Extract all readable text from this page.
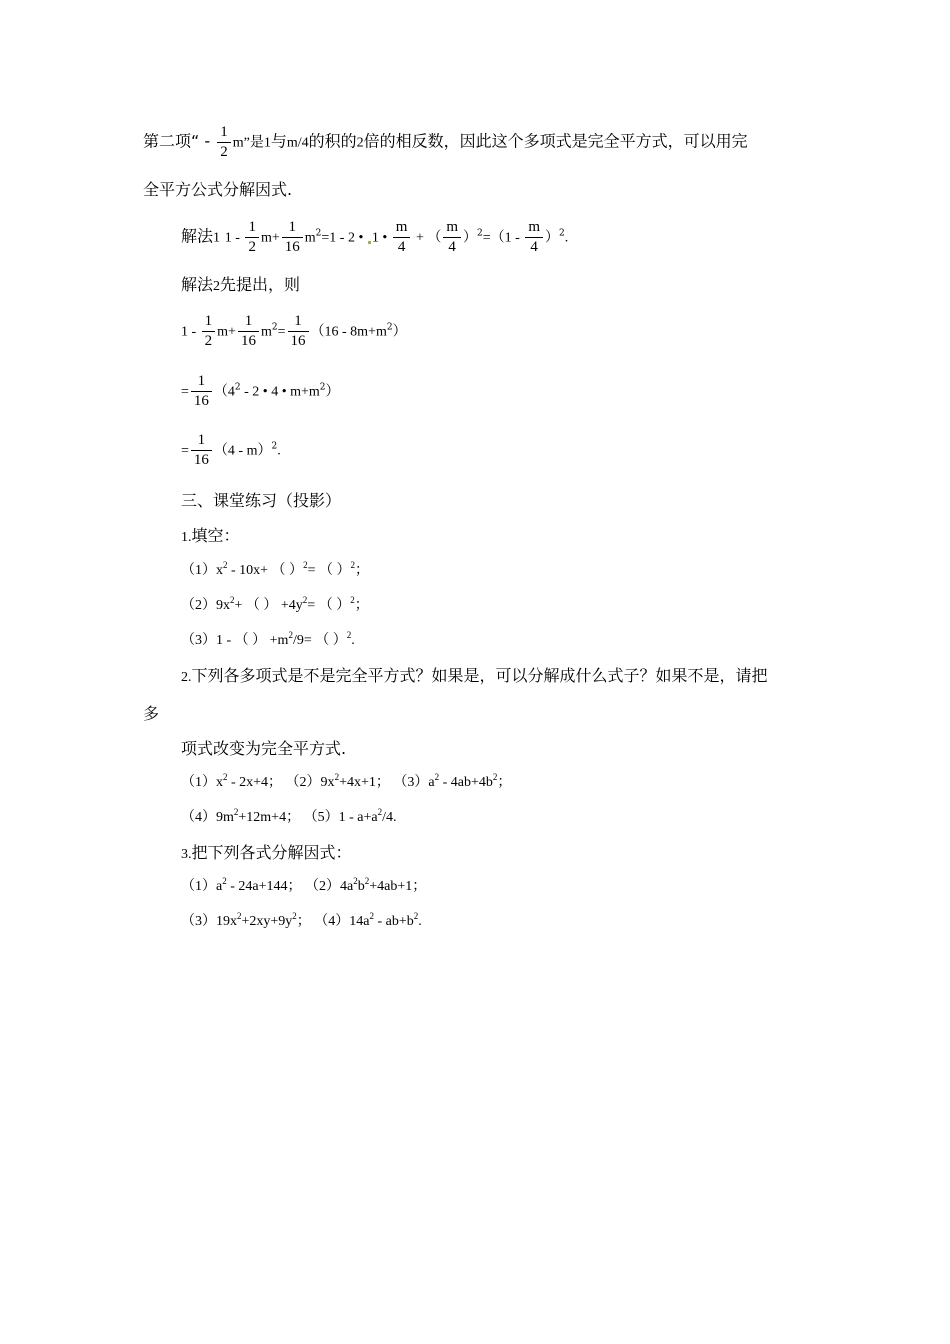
第二项“ - $\frac{1}{2} m$”是1与m/4的积的2倍的相反数，因此这个多项式是完全平方式，可以用完
全平方公式分解因式.
解法1 $1 - \frac{1}{2} m+ \frac{1}{16} m^2=1 - 2$ • 1 • $\frac{m}{4}$ + （ $\frac{m}{4} )^2=(1 - \frac{m}{4} )^2$.
解法2先提出，则
$1 - \frac{1}{2} m+ \frac{1}{16} m^2= \frac{1}{16} (16 - 8m+m^2)$
= $\frac{1}{16} (4^2 - 2$ • 4 • $m+m^2$）
= $\frac{1}{16} (4 - m)^2$.
三、课堂练习（投影）
1.填空：
$(1)x^2 - 10x+$ （ ）$^2$= （ ）$^2$；
$(2)9x^2+$ （ ） $+4y^2=$ （ ）$^2$；
（3）1 - （ ） $+m^2/9=$ （ ）$^2$.
2.下列各多项式是不是完全平方式？如果是，可以分解成什么式子？如果不是，请把
多
项式改变为完全平方式.
$(1)x^2 - 2x+4$； $(2)9x^2+4x+1$； $(3)a^2 - 4ab+4b^2$；
$(4)9m^2+12m+4$； $(5)1 - a+a^2/4$.
3.把下列各式分解因式：
$(1)a^2 - 24a+144$； $(2)4a^2b^2+4ab+1$；
$(3)19x^2+2xy+9y^2$； $(4)14a^2 - ab+b^2$.
